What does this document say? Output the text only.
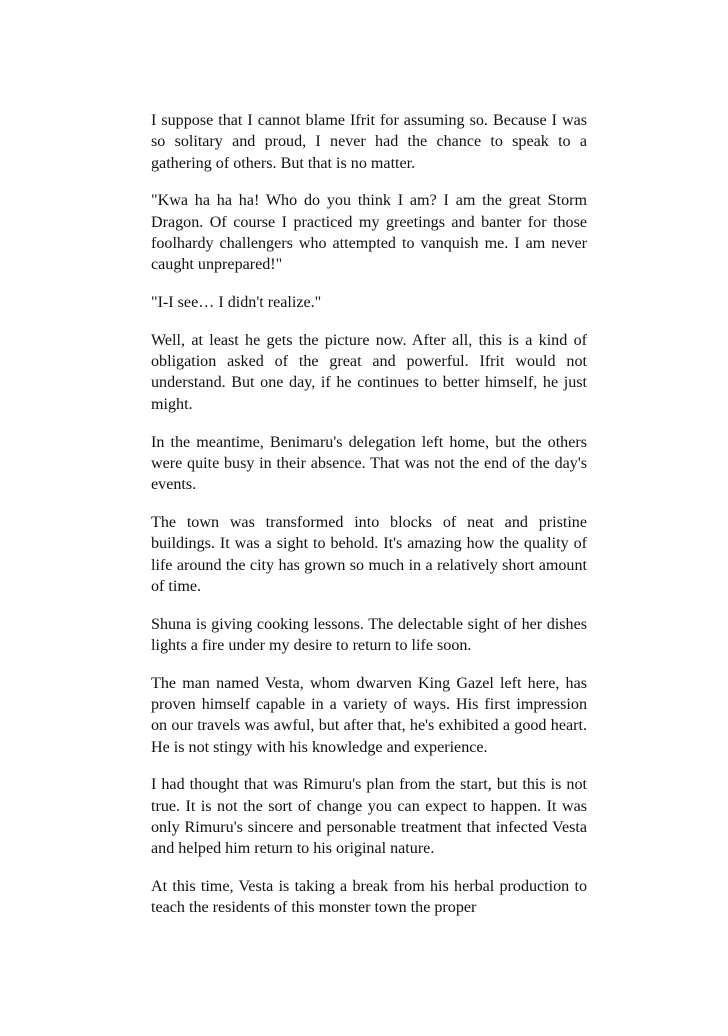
I suppose that I cannot blame Ifrit for assuming so. Because I was so solitary and proud, I never had the chance to speak to a gathering of others. But that is no matter.

"Kwa ha ha ha! Who do you think I am? I am the great Storm Dragon. Of course I practiced my greetings and banter for those foolhardy challengers who attempted to vanquish me. I am never caught unprepared!"

"I-I see… I didn't realize."

Well, at least he gets the picture now. After all, this is a kind of obligation asked of the great and powerful. Ifrit would not understand. But one day, if he continues to better himself, he just might.

In the meantime, Benimaru's delegation left home, but the others were quite busy in their absence. That was not the end of the day's events.

The town was transformed into blocks of neat and pristine buildings. It was a sight to behold. It's amazing how the quality of life around the city has grown so much in a relatively short amount of time.

Shuna is giving cooking lessons. The delectable sight of her dishes lights a fire under my desire to return to life soon.

The man named Vesta, whom dwarven King Gazel left here, has proven himself capable in a variety of ways. His first impression on our travels was awful, but after that, he's exhibited a good heart. He is not stingy with his knowledge and experience.

I had thought that was Rimuru's plan from the start, but this is not true. It is not the sort of change you can expect to happen. It was only Rimuru's sincere and personable treatment that infected Vesta and helped him return to his original nature.

At this time, Vesta is taking a break from his herbal production to teach the residents of this monster town the proper
